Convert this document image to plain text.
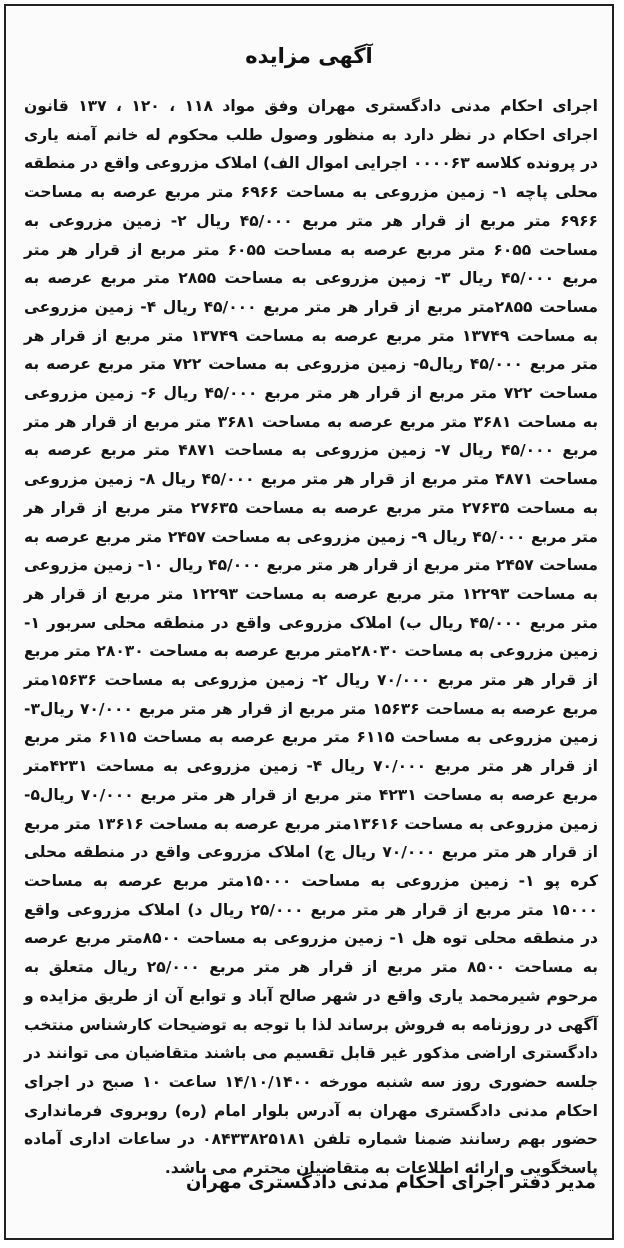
آگهی مزایده
اجرای احکام مدنی دادگستری مهران وفق مواد ۱۱۸ ، ۱۲۰ ، ۱۳۷ قانون اجرای احکام در نظر دارد به منظور وصول طلب محکوم له خانم آمنه یاری در پرونده کلاسه ۰۰۰۰۶۳ اجرایی اموال الف) املاک مزروعی واقع در منطقه محلی پاچه ۱- زمین مزروعی به مساحت ۶۹۶۶ متر مربع عرصه به مساحت ۶۹۶۶ متر مربع از قرار هر متر مربع ۴۵/۰۰۰ ریال ۲- زمین مزروعی به مساحت ۶۰۵۵ متر مربع عرصه به مساحت ۶۰۵۵ متر مربع از قرار هر متر مربع ۴۵/۰۰۰ ریال ۳- زمین مزروعی به مساحت ۲۸۵۵ متر مربع عرصه به مساحت ۲۸۵۵متر مربع از قرار هر متر مربع ۴۵/۰۰۰ ریال ۴- زمین مزروعی به مساحت ۱۳۷۴۹ متر مربع عرصه به مساحت ۱۳۷۴۹ متر مربع از قرار هر متر مربع ۴۵/۰۰۰ ریال۵- زمین مزروعی به مساحت ۷۲۲ متر مربع عرصه به مساحت ۷۲۲ متر مربع از قرار هر متر مربع ۴۵/۰۰۰ ریال ۶- زمین مزروعی به مساحت ۳۶۸۱ متر مربع عرصه به مساحت ۳۶۸۱ متر مربع از قرار هر متر مربع ۴۵/۰۰۰ ریال ۷- زمین مزروعی به مساحت ۴۸۷۱ متر مربع عرصه به مساحت ۴۸۷۱ متر مربع از قرار هر متر مربع ۴۵/۰۰۰ ریال ۸- زمین مزروعی به مساحت ۲۷۶۳۵ متر مربع عرصه به مساحت ۲۷۶۳۵ متر مربع از قرار هر متر مربع ۴۵/۰۰۰ ریال ۹- زمین مزروعی به مساحت ۲۴۵۷ متر مربع عرصه به مساحت ۲۴۵۷ متر مربع از قرار هر متر مربع ۴۵/۰۰۰ ریال ۱۰- زمین مزروعی به مساحت ۱۲۲۹۳ متر مربع عرصه به مساحت ۱۲۲۹۳ متر مربع از قرار هر متر مربع ۴۵/۰۰۰ ریال ب) املاک مزروعی واقع در منطقه محلی سربور ۱- زمین مزروعی به مساحت ۲۸۰۳۰متر مربع عرصه به مساحت ۲۸۰۳۰ متر مربع از قرار هر متر مربع ۷۰/۰۰۰ ریال ۲- زمین مزروعی به مساحت ۱۵۶۳۶متر مربع عرصه به مساحت ۱۵۶۳۶ متر مربع از قرار هر متر مربع ۷۰/۰۰۰ ریال۳- زمین مزروعی به مساحت ۶۱۱۵ متر مربع عرصه به مساحت ۶۱۱۵ متر مربع از قرار هر متر مربع ۷۰/۰۰۰ ریال ۴- زمین مزروعی به مساحت ۴۲۳۱متر مربع عرصه به مساحت ۴۲۳۱ متر مربع از قرار هر متر مربع ۷۰/۰۰۰ ریال۵- زمین مزروعی به مساحت ۱۳۶۱۶متر مربع عرصه به مساحت ۱۳۶۱۶ متر مربع از قرار هر متر مربع ۷۰/۰۰۰ ریال ج) املاک مزروعی واقع در منطقه محلی کره پو ۱- زمین مزروعی به مساحت ۱۵۰۰۰متر مربع عرصه به مساحت ۱۵۰۰۰ متر مربع از قرار هر متر مربع ۲۵/۰۰۰ ریال د) املاک مزروعی واقع در منطقه محلی توه هل ۱- زمین مزروعی به مساحت ۸۵۰۰متر مربع عرصه به مساحت ۸۵۰۰ متر مربع از قرار هر متر مربع ۲۵/۰۰۰ ریال متعلق به مرحوم شیرمحمد یاری واقع در شهر صالح آباد و توابع آن از طریق مزایده و آگهی در روزنامه به فروش برساند لذا با توجه به توضیحات کارشناس منتخب دادگستری اراضی مذکور غیر قابل تقسیم می باشند متقاضیان می توانند در جلسه حضوری روز سه شنبه مورخه ۱۴/۱۰/۱۴۰۰ ساعت ۱۰ صبح در اجرای احکام مدنی دادگستری مهران به آدرس بلوار امام (ره) روبروی فرمانداری حضور بهم رسانند ضمنا شماره تلفن ۰۸۴۳۳۸۲۵۱۸۱ در ساعات اداری آماده پاسخگویی و ارائه اطلاعات به متقاضیان محترم می باشد.
مدیر دفتر اجرای احکام مدنی دادگستری مهران
